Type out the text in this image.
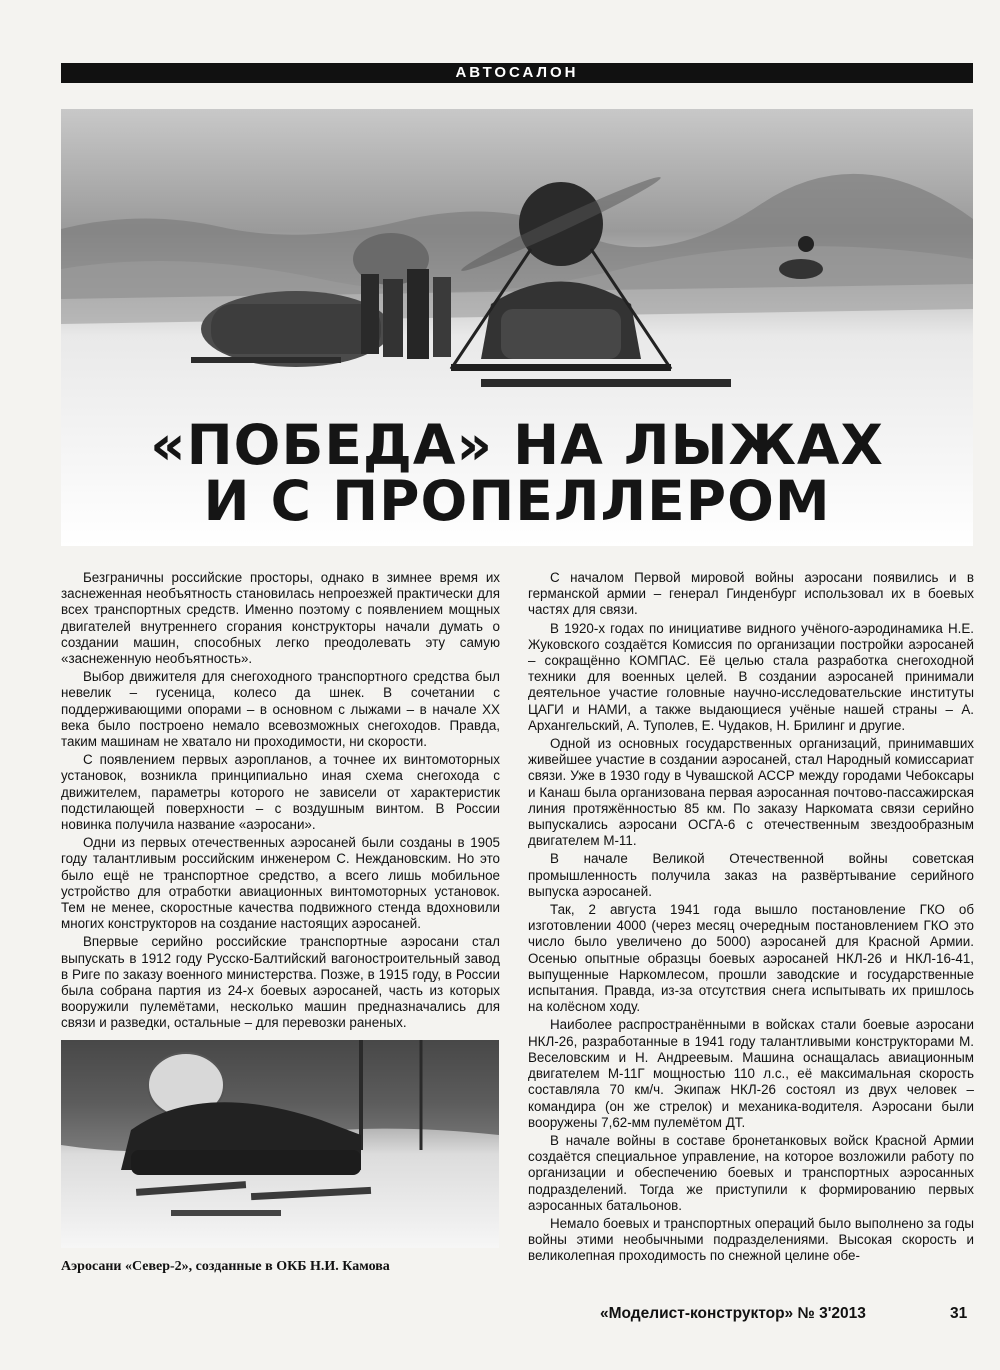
АВТОСАЛОН
«ПОБЕДА» НА ЛЫЖАХ
И С ПРОПЕЛЛЕРОМ

Безграничны российские просторы, однако в зимнее время их заснеженная необъятность становилась непроезжей практически для всех транспортных средств. Именно поэтому с появлением мощных двигателей внутреннего сгорания конструкторы начали думать о создании машин, способных легко преодолевать эту самую «заснеженную необъятность».

Выбор движителя для снегоходного транспортного средства был невелик – гусеница, колесо да шнек. В сочетании с поддерживающими опорами – в основном с лыжами – в начале XX века было построено немало всевозможных снегоходов. Правда, таким машинам не хватало ни проходимости, ни скорости.

С появлением первых аэропланов, а точнее их винтомоторных установок, возникла принципиально иная схема снегохода с движителем, параметры которого не зависели от характеристик подстилающей поверхности – с воздушным винтом. В России новинка получила название «аэросани».

Одни из первых отечественных аэросаней были созданы в 1905 году талантливым российским инженером С. Неждановским. Но это было ещё не транспортное средство, а всего лишь мобильное устройство для отработки авиационных винтомоторных установок. Тем не менее, скоростные качества подвижного стенда вдохновили многих конструкторов на создание настоящих аэросаней.

Впервые серийно российские транспортные аэросани стал выпускать в 1912 году Русско-Балтийский вагоностроительный завод в Риге по заказу военного министерства. Позже, в 1915 году, в России была собрана партия из 24-х боевых аэросаней, часть из которых вооружили пулемётами, несколько машин предназначались для связи и разведки, остальные – для перевозки раненых.

С началом Первой мировой войны аэросани появились и в германской армии – генерал Гинденбург использовал их в боевых частях для связи.

В 1920-х годах по инициативе видного учёного-аэродинамика Н.Е. Жуковского создаётся Комиссия по организации постройки аэросаней – сокращённо КОМПАС. Её целью стала разработка снегоходной техники для военных целей. В создании аэросаней принимали деятельное участие головные научно-исследовательские институты ЦАГИ и НАМИ, а также выдающиеся учёные нашей страны – А. Архангельский, А. Туполев, Е. Чудаков, Н. Брилинг и другие.

Одной из основных государственных организаций, принимавших живейшее участие в создании аэросаней, стал Народный комиссариат связи. Уже в 1930 году в Чувашской АССР между городами Чебоксары и Канаш была организована первая аэросанная почтово-пассажирская линия протяжённостью 85 км. По заказу Наркомата связи серийно выпускались аэросани ОСГА-6 с отечественным звездообразным двигателем М-11.

В начале Великой Отечественной войны советская промышленность получила заказ на развёртывание серийного выпуска аэросаней.

Так, 2 августа 1941 года вышло постановление ГКО об изготовлении 4000 (через месяц очередным постановлением ГКО это число было увеличено до 5000) аэросаней для Красной Армии. Осенью опытные образцы боевых аэросаней НКЛ-26 и НКЛ-16-41, выпущенные Наркомлесом, прошли заводские и государственные испытания. Правда, из-за отсутствия снега испытывать их пришлось на колёсном ходу.

Наиболее распространёнными в войсках стали боевые аэросани НКЛ-26, разработанные в 1941 году талантливыми конструкторами М. Веселовским и Н. Андреевым. Машина оснащалась авиационным двигателем М-11Г мощностью 110 л.с., её максимальная скорость составляла 70 км/ч. Экипаж НКЛ-26 состоял из двух человек – командира (он же стрелок) и механика-водителя. Аэросани были вооружены 7,62-мм пулемётом ДТ.

В начале войны в составе бронетанковых войск Красной Армии создаётся специальное управление, на которое возложили работу по организации и обеспечению боевых и транспортных аэросанных подразделений. Тогда же приступили к формированию первых аэросанных батальонов.

Немало боевых и транспортных операций было выполнено за годы войны этими необычными подразделениями. Высокая скорость и великолепная проходимость по снежной целине обе-

Аэросани «Север-2», созданные в ОКБ Н.И. Камова
«Моделист-конструктор» № 3'2013	31
